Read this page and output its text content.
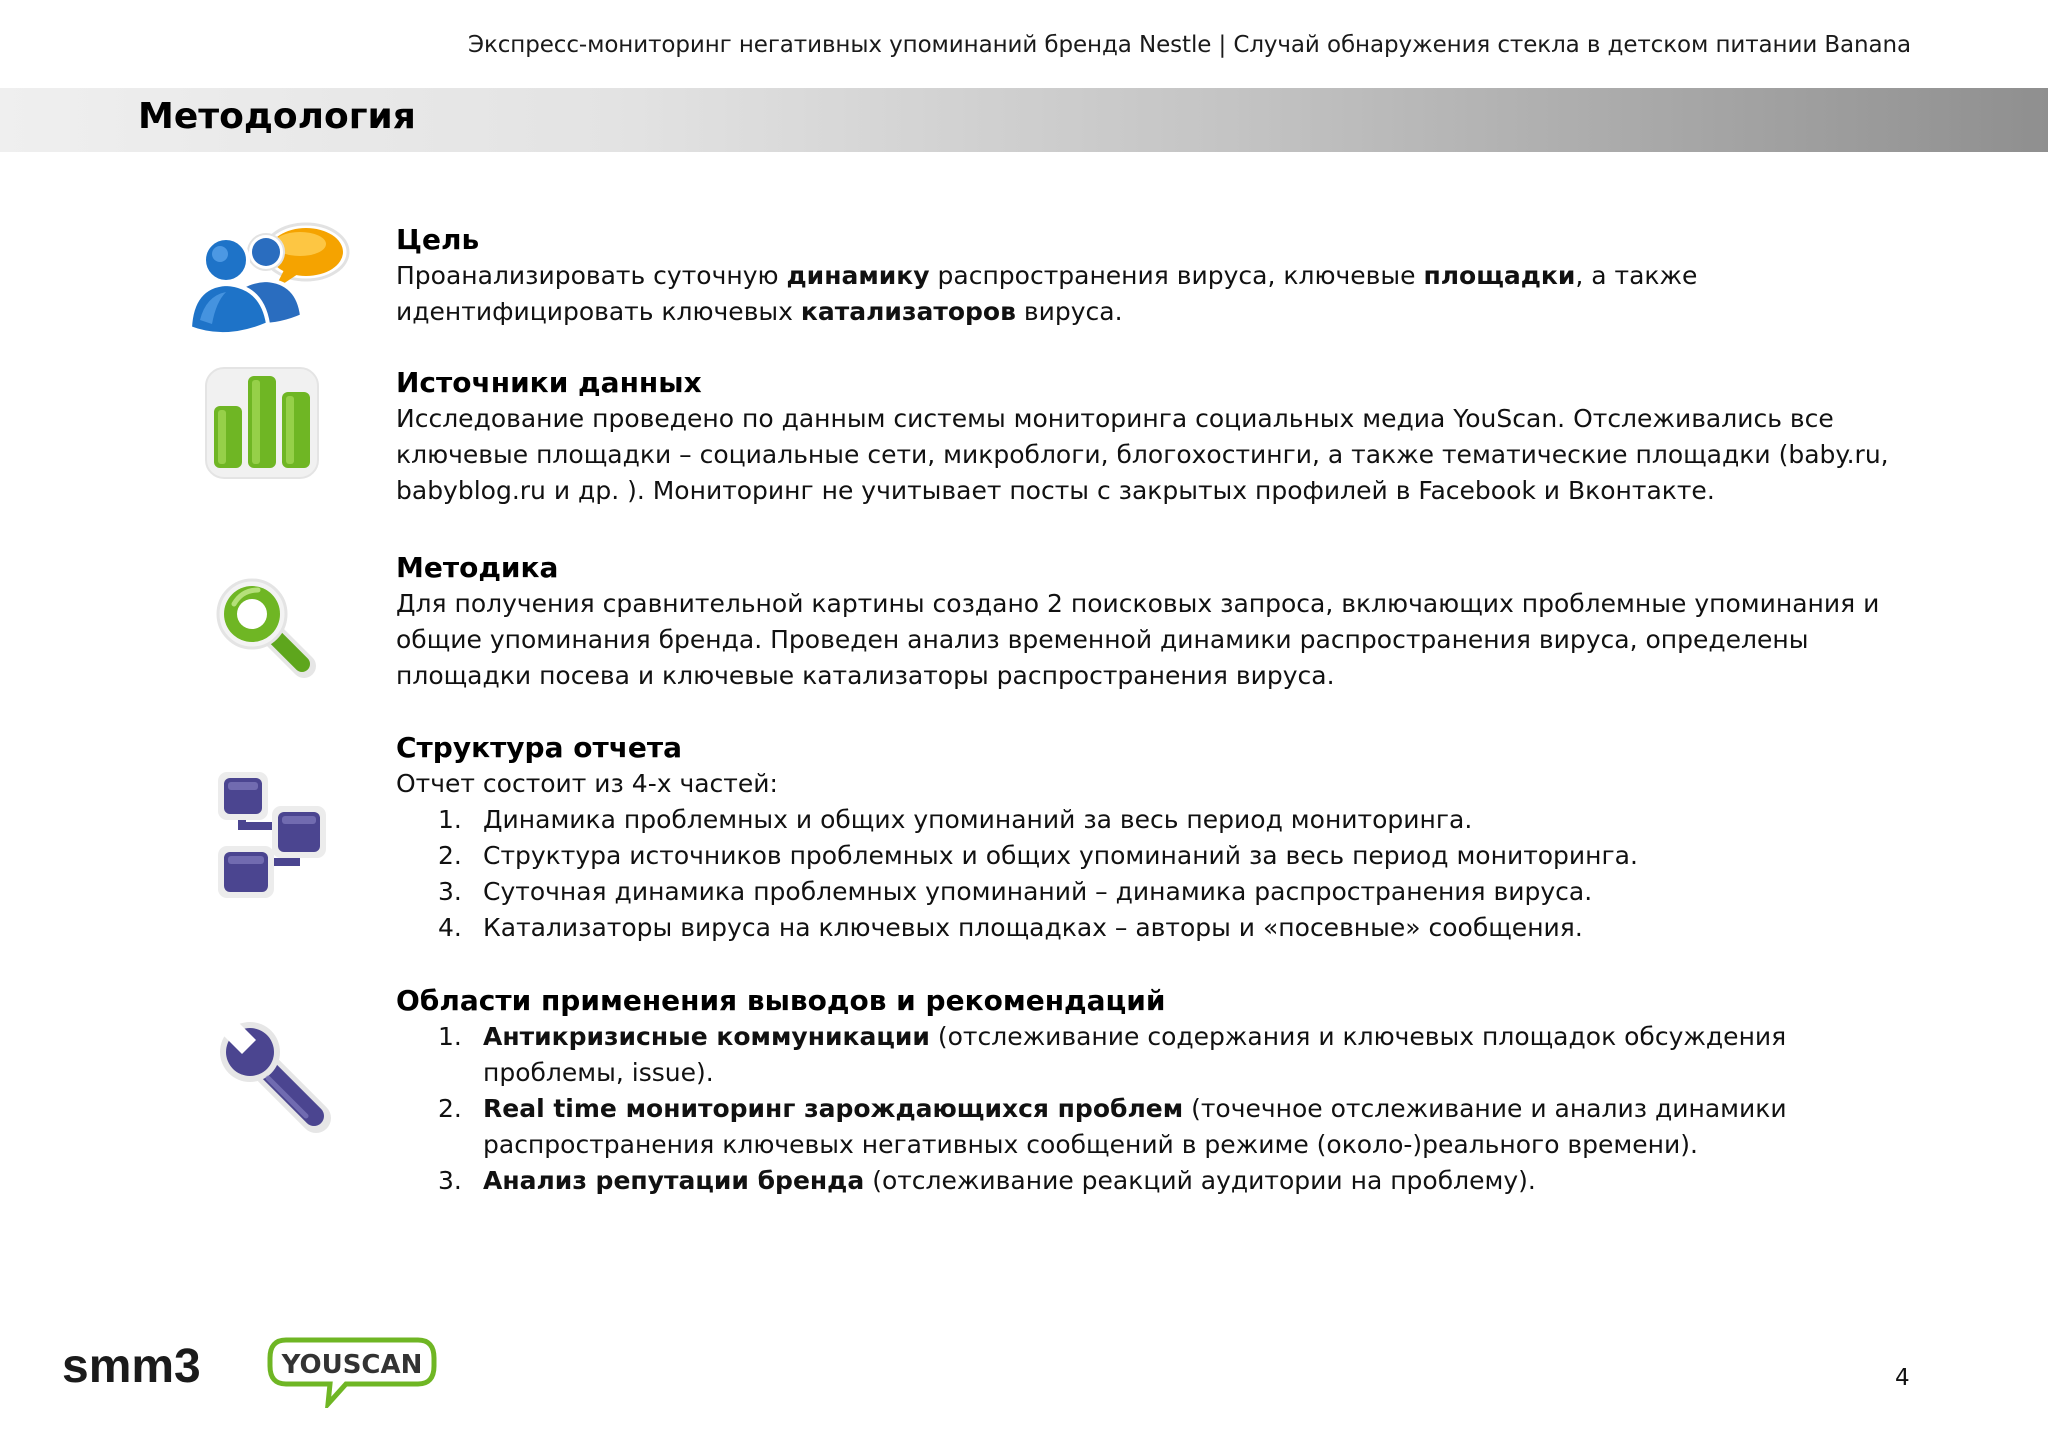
Экспресс-мониторинг негативных упоминаний бренда Nestle | Случай обнаружения стекла в детском питании Banana
Методология
Цель
Проанализировать суточную динамику распространения вируса, ключевые площадки, а также идентифицировать ключевых катализаторов вируса.
Источники данных
Исследование проведено по данным системы мониторинга социальных медиа YouScan. Отслеживались все ключевые площадки – социальные сети, микроблоги, блогохостинги, а также тематические площадки (baby.ru, babyblog.ru и др. ). Мониторинг не учитывает посты с закрытых профилей в Facebook и Вконтакте.
Методика
Для получения сравнительной картины создано 2 поисковых запроса, включающих проблемные упоминания и общие упоминания бренда. Проведен анализ временной динамики распространения вируса, определены площадки посева и ключевые катализаторы распространения вируса.
Структура отчета
Отчет состоит из 4-х частей:
1. Динамика проблемных и общих упоминаний за весь период мониторинга.
2. Структура источников проблемных и общих упоминаний за весь период мониторинга.
3. Суточная динамика проблемных упоминаний – динамика распространения вируса.
4. Катализаторы вируса на ключевых площадках – авторы и «посевные» сообщения.
Области применения выводов и рекомендаций
1. Антикризисные коммуникации (отслеживание содержания и ключевых площадок обсуждения проблемы, issue).
2. Real time мониторинг зарождающихся проблем (точечное отслеживание и анализ динамики распространения ключевых негативных сообщений в режиме (около-)реального времени).
3. Анализ репутации бренда (отслеживание реакций аудитории на проблему).
smm3	YOUSCAN	4
